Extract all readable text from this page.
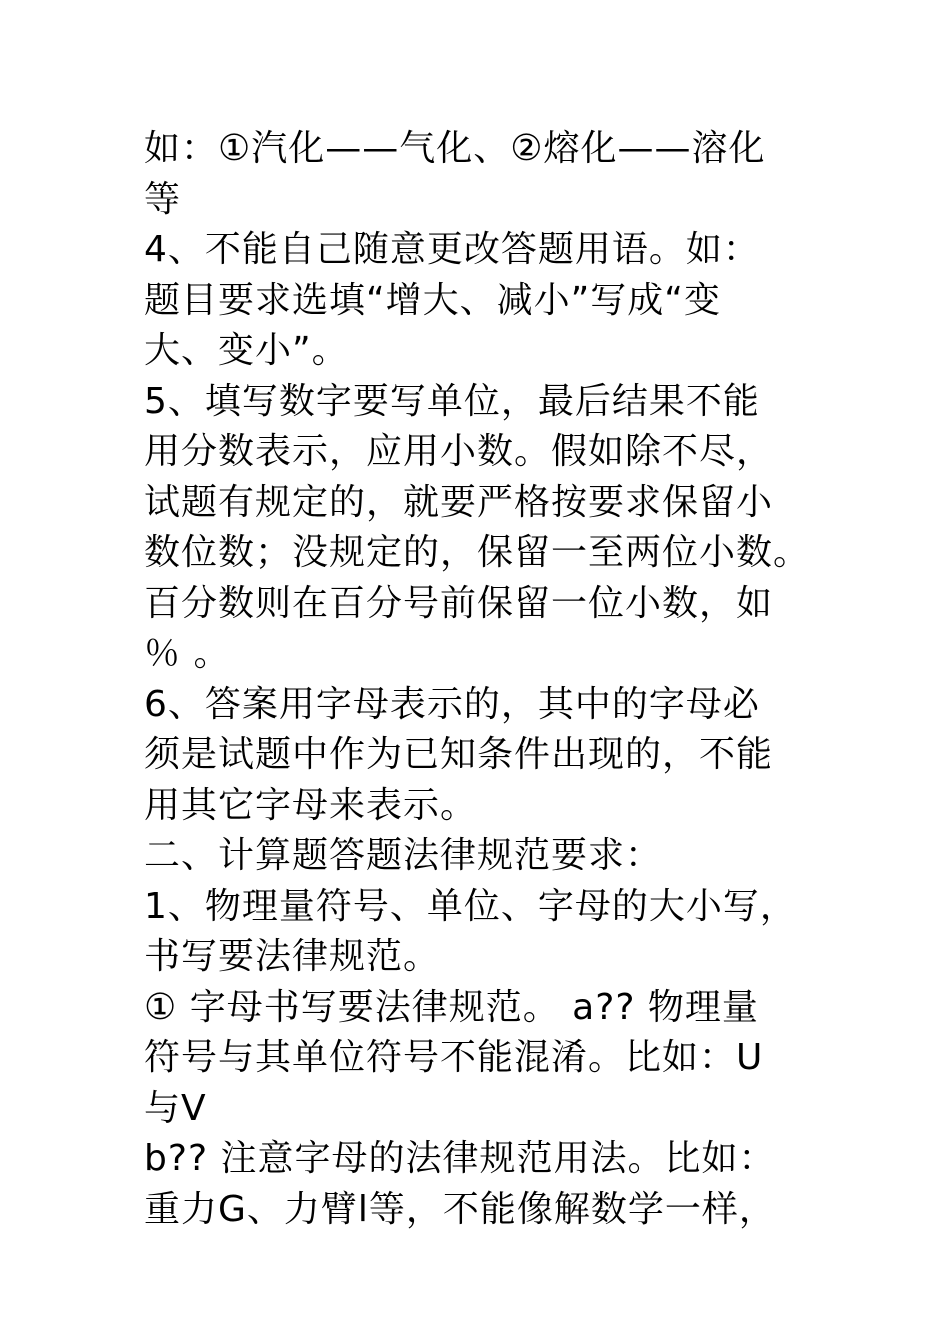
如：①汽化——气化、②熔化——溶化
等
4、不能自己随意更改答题用语。如：
题目要求选填“增大、减小”写成“变
大、变小”。
5、填写数字要写单位，最后结果不能
用分数表示，应用小数。假如除不尽，
试题有规定的，就要严格按要求保留小
数位数；没规定的，保留一至两位小数。
百分数则在百分号前保留一位小数，如
％ 。
6、答案用字母表示的，其中的字母必
须是试题中作为已知条件出现的，不能
用其它字母来表示。
二、计算题答题法律规范要求：
1、物理量符号、单位、字母的大小写，
书写要法律规范。
① 字母书写要法律规范。 a?? 物理量
符号与其单位符号不能混淆。比如：U
与V
b?? 注意字母的法律规范用法。比如：
重力G、力臂l等，不能像解数学一样，
